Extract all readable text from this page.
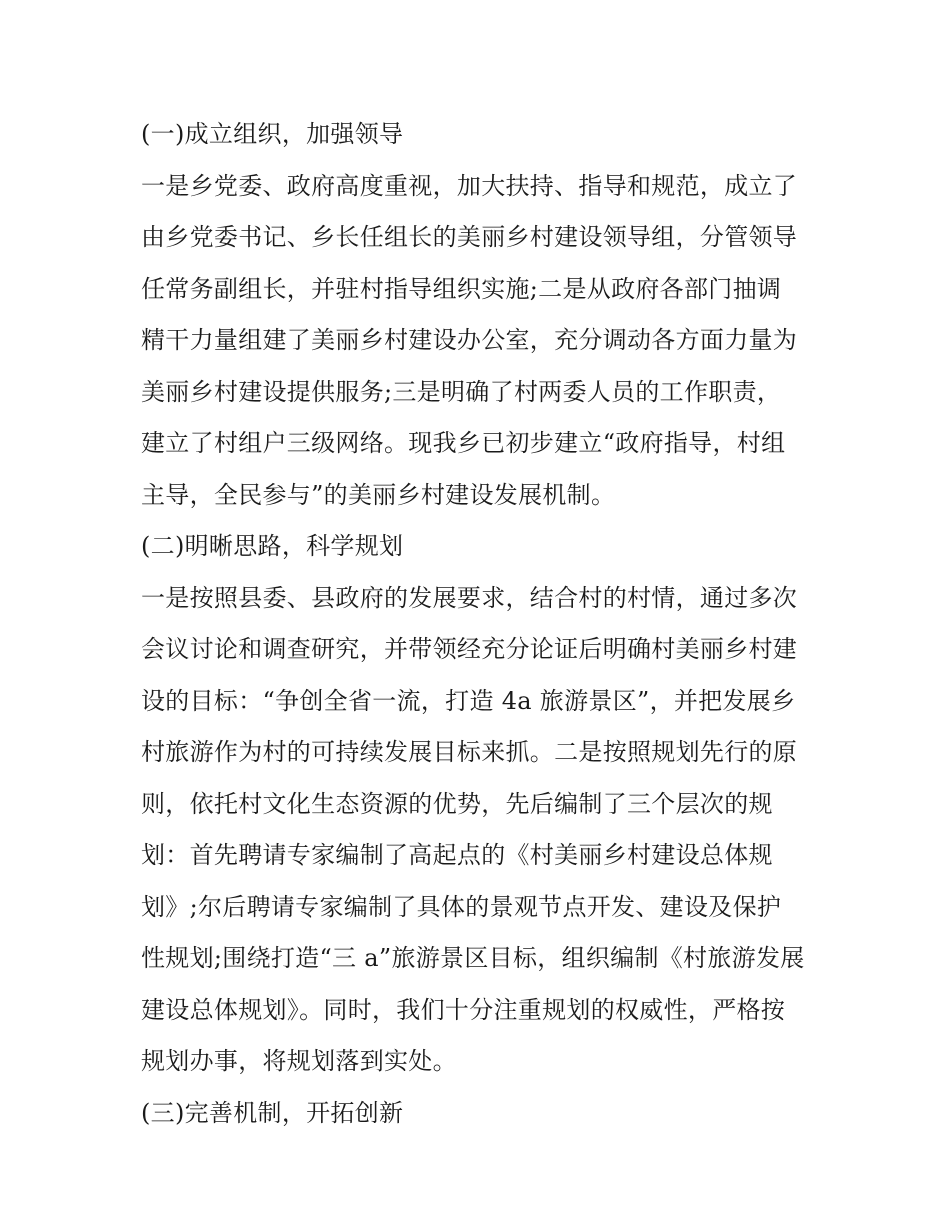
(一)成立组织，加强领导
一是乡党委、政府高度重视，加大扶持、指导和规范，成立了
由乡党委书记、乡长任组长的美丽乡村建设领导组，分管领导
任常务副组长，并驻村指导组织实施;二是从政府各部门抽调
精干力量组建了美丽乡村建设办公室，充分调动各方面力量为
美丽乡村建设提供服务;三是明确了村两委人员的工作职责，
建立了村组户三级网络。现我乡已初步建立“政府指导，村组
主导，全民参与”的美丽乡村建设发展机制。
(二)明晰思路，科学规划
一是按照县委、县政府的发展要求，结合村的村情，通过多次
会议讨论和调查研究，并带领经充分论证后明确村美丽乡村建
设的目标：“争创全省一流，打造 4a 旅游景区”，并把发展乡
村旅游作为村的可持续发展目标来抓。二是按照规划先行的原
则，依托村文化生态资源的优势，先后编制了三个层次的规
划：首先聘请专家编制了高起点的《村美丽乡村建设总体规
划》;尔后聘请专家编制了具体的景观节点开发、建设及保护
性规划;围绕打造“三 a”旅游景区目标，组织编制《村旅游发展
建设总体规划》。同时，我们十分注重规划的权威性，严格按
规划办事，将规划落到实处。
(三)完善机制，开拓创新
